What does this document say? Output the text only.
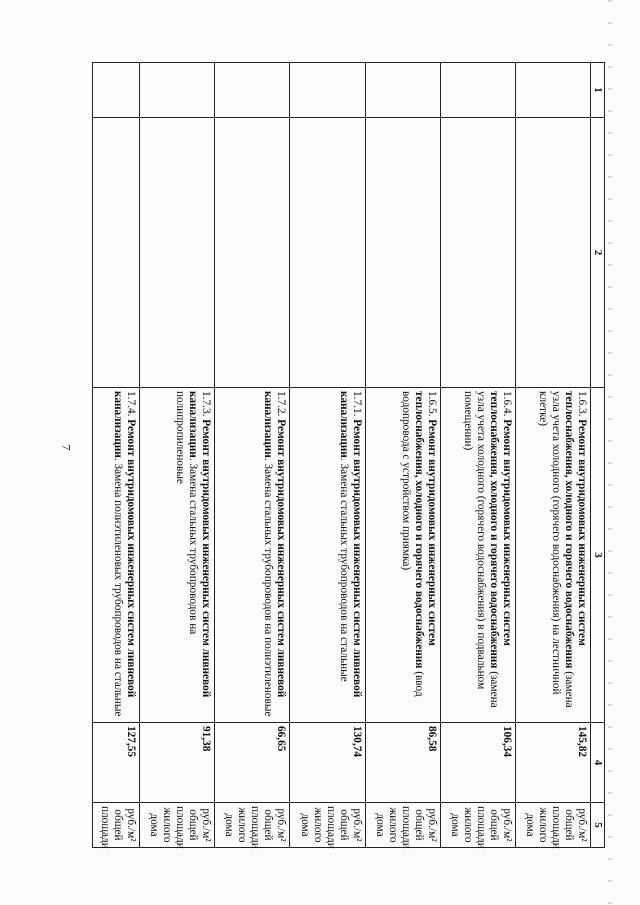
7
1	2	3	4	5
		1.6.3. Ремонт внутридомовых инженерных систем теплоснабжения, холодного и горячего водоснабжения (замена узла учета холодного (горячего водоснабжения) на лестничной клетке)	145,82	руб./м² общей площади жилого дома
		1.6.4. Ремонт внутридомовых инженерных систем теплоснабжения, холодного и горячего водоснабжения (замена узла учета холодного (горячего водоснабжения) в подвальном помещении)	106,34	руб./м² общей площади жилого дома
		1.6.5. Ремонт внутридомовых инженерных систем теплоснабжения, холодного и горячего водоснабжения (ввод водопровода с устройством приямка)	86,58	руб./м² общей площади жилого дома
		1.7.1. Ремонт внутридомовых инженерных систем ливневой канализации. Замена стальных трубопроводов на стальные	130,74	руб./м² общей площади жилого дома
		1.7.2. Ремонт внутридомовых инженерных систем ливневой канализации. Замена стальных трубопроводов на полиэтиленовые	66,65	руб./м² общей площади жилого дома
		1.7.3. Ремонт внутридомовых инженерных систем ливневой канализации. Замена стальных трубопроводов на полипропиленовые	91,38	руб./м² общей площади жилого дома
		1.7.4. Ремонт внутридомовых инженерных систем ливневой канализации. Замена полиэтиленовых трубопроводов на стальные	127,55	руб./м² общей площади
